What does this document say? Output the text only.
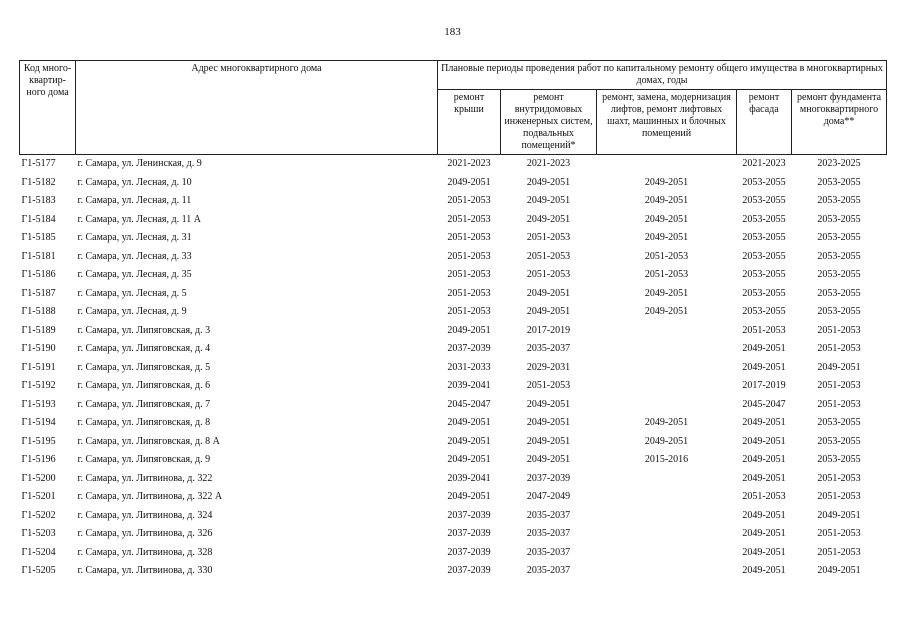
183
Код много-квартир-ного дома	Адрес многоквартирного дома	Плановые периоды проведения работ по капитальному ремонту общего имущества в многоквартирных домах, годы				
		ремонт крыши	ремонт внутридомовых инженерных систем, подвальных помещений*	ремонт, замена, модернизация лифтов, ремонт лифтовых шахт, машинных и блочных помещений	ремонт фасада	ремонт фундамента многоквартирного дома**
Г1-5177	г. Самара, ул. Ленинская, д. 9	2021-2023	2021-2023		2021-2023	2023-2025
Г1-5182	г. Самара, ул. Лесная, д. 10	2049-2051	2049-2051	2049-2051	2053-2055	2053-2055
Г1-5183	г. Самара, ул. Лесная, д. 11	2051-2053	2049-2051	2049-2051	2053-2055	2053-2055
Г1-5184	г. Самара, ул. Лесная, д. 11 А	2051-2053	2049-2051	2049-2051	2053-2055	2053-2055
Г1-5185	г. Самара, ул. Лесная, д. 31	2051-2053	2051-2053	2049-2051	2053-2055	2053-2055
Г1-5181	г. Самара, ул. Лесная, д. 33	2051-2053	2051-2053	2051-2053	2053-2055	2053-2055
Г1-5186	г. Самара, ул. Лесная, д. 35	2051-2053	2051-2053	2051-2053	2053-2055	2053-2055
Г1-5187	г. Самара, ул. Лесная, д. 5	2051-2053	2049-2051	2049-2051	2053-2055	2053-2055
Г1-5188	г. Самара, ул. Лесная, д. 9	2051-2053	2049-2051	2049-2051	2053-2055	2053-2055
Г1-5189	г. Самара, ул. Липяговская, д. 3	2049-2051	2017-2019		2051-2053	2051-2053
Г1-5190	г. Самара, ул. Липяговская, д. 4	2037-2039	2035-2037		2049-2051	2051-2053
Г1-5191	г. Самара, ул. Липяговская, д. 5	2031-2033	2029-2031		2049-2051	2049-2051
Г1-5192	г. Самара, ул. Липяговская, д. 6	2039-2041	2051-2053		2017-2019	2051-2053
Г1-5193	г. Самара, ул. Липяговская, д. 7	2045-2047	2049-2051		2045-2047	2051-2053
Г1-5194	г. Самара, ул. Липяговская, д. 8	2049-2051	2049-2051	2049-2051	2049-2051	2053-2055
Г1-5195	г. Самара, ул. Липяговская, д. 8 А	2049-2051	2049-2051	2049-2051	2049-2051	2053-2055
Г1-5196	г. Самара, ул. Липяговская, д. 9	2049-2051	2049-2051	2015-2016	2049-2051	2053-2055
Г1-5200	г. Самара, ул. Литвинова, д. 322	2039-2041	2037-2039		2049-2051	2051-2053
Г1-5201	г. Самара, ул. Литвинова, д. 322 А	2049-2051	2047-2049		2051-2053	2051-2053
Г1-5202	г. Самара, ул. Литвинова, д. 324	2037-2039	2035-2037		2049-2051	2049-2051
Г1-5203	г. Самара, ул. Литвинова, д. 326	2037-2039	2035-2037		2049-2051	2051-2053
Г1-5204	г. Самара, ул. Литвинова, д. 328	2037-2039	2035-2037		2049-2051	2051-2053
Г1-5205	г. Самара, ул. Литвинова, д. 330	2037-2039	2035-2037		2049-2051	2049-2051
